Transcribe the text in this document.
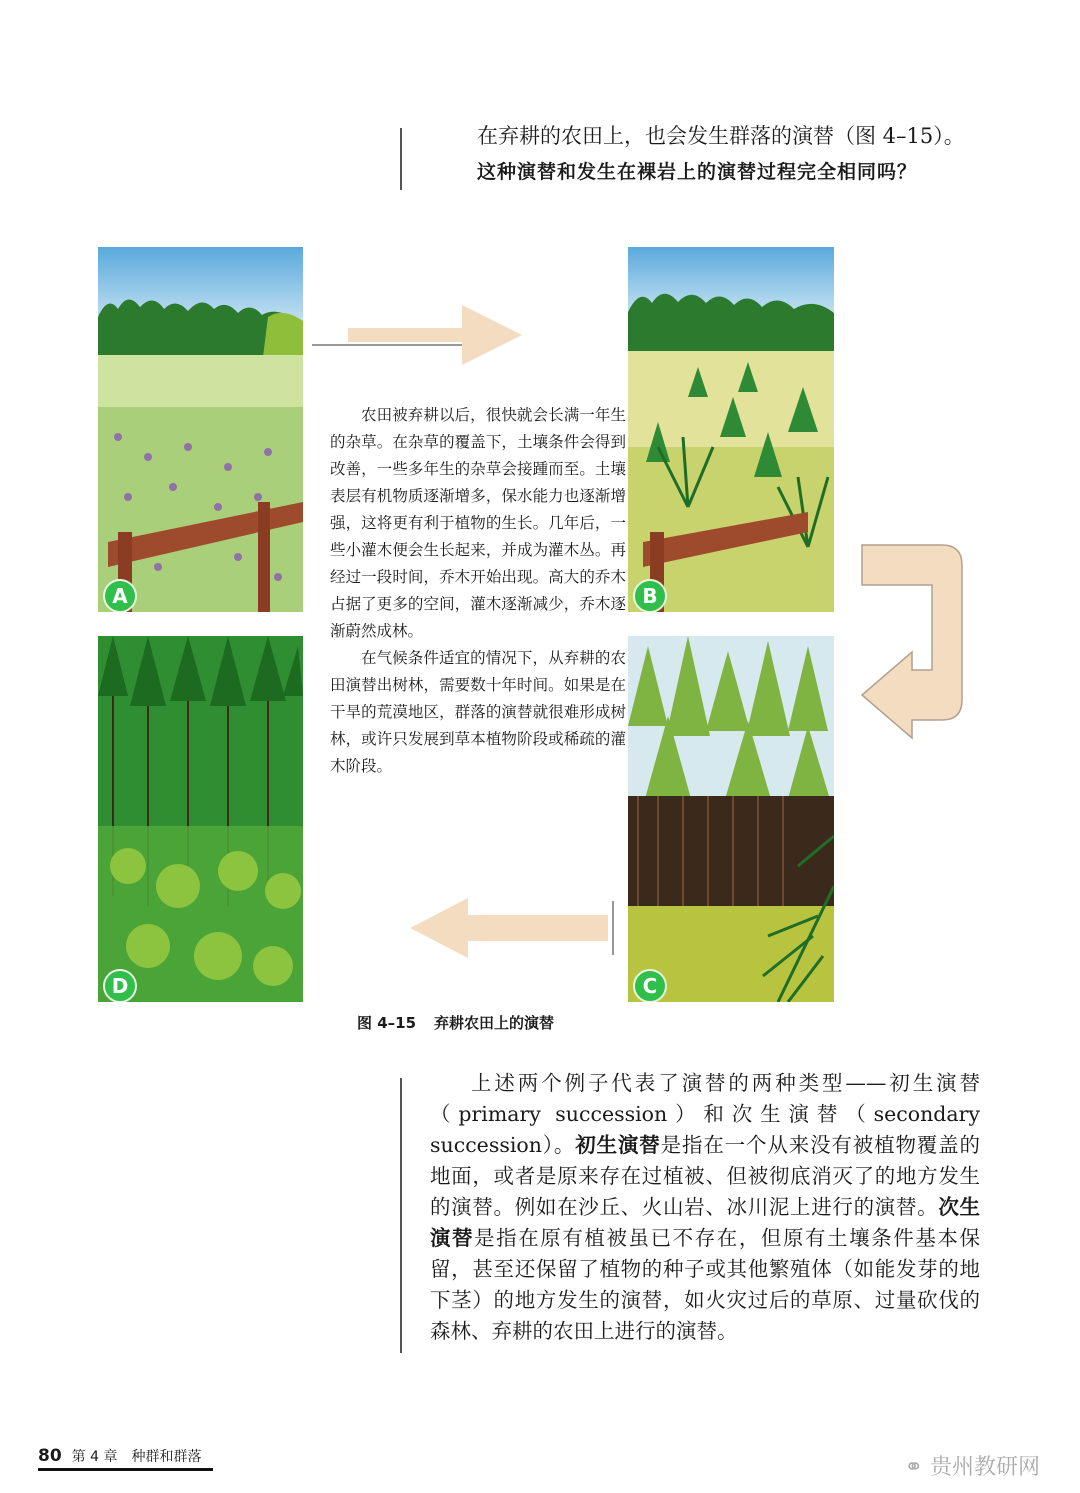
在弃耕的农田上，也会发生群落的演替（图 4–15）。
这种演替和发生在裸岩上的演替过程完全相同吗？
A	B
D	C

农田被弃耕以后，很快就会长满一年生的杂草。在杂草的覆盖下，土壤条件会得到改善，一些多年生的杂草会接踵而至。土壤表层有机物质逐渐增多，保水能力也逐渐增强，这将更有利于植物的生长。几年后，一些小灌木便会生长起来，并成为灌木丛。再经过一段时间，乔木开始出现。高大的乔木占据了更多的空间，灌木逐渐减少，乔木逐渐蔚然成林。

在气候条件适宜的情况下，从弃耕的农田演替出树林，需要数十年时间。如果是在干旱的荒漠地区，群落的演替就很难形成树林，或许只发展到草本植物阶段或稀疏的灌木阶段。

图 4–15 弃耕农田上的演替

上述两个例子代表了演替的两种类型——初生演替（primary succession）和次生演替（secondary succession）。初生演替是指在一个从来没有被植物覆盖的地面，或者是原来存在过植被、但被彻底消灭了的地方发生的演替。例如在沙丘、火山岩、冰川泥上进行的演替。次生演替是指在原有植被虽已不存在，但原有土壤条件基本保留，甚至还保留了植物的种子或其他繁殖体（如能发芽的地下茎）的地方发生的演替，如火灾过后的草原、过量砍伐的森林、弃耕的农田上进行的演替。

80 第 4 章　种群和群落	⚭ 贵州教研网
